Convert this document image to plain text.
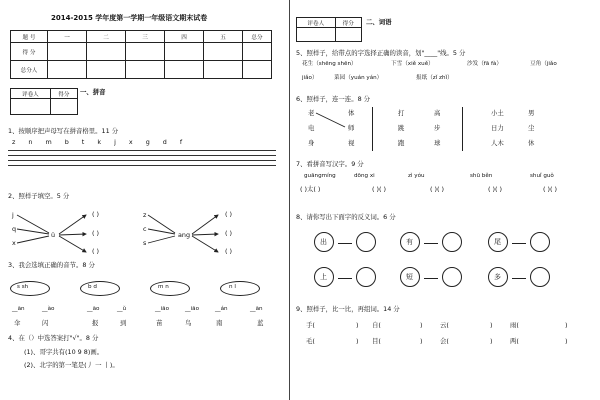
2014-2015 学年度第一学期一年级语文期末试卷
题 号	一	二	三	四	五	总分
得 分						
总分人						
评卷人	得分
	一、拼音
1、按顺序把声母写在拼音格里。11 分
z n m b t k j x g d f
2、照样子填空。5 分
j
q
x
ü
( )
( )
( )
z
c
s
ang
( )
( )
( )
3、我会选填正确的音节。8 分
s sh	b d	m n	n l
__ăn	__ào	__ăo	__ŭ	__ião	__ião	__án	__ăn
伞	闪	报	到	苗	鸟	南	蓝
4、在（）中选答案打"√"。8 分
(1)、哥字共有(10 9 8)画。
(2)、北字的第一笔是(丿 一 丨)。
评卷人	得分
	二、词语
5、照样子，给带点的字选择正确的读音，划"____"线。5 分
花生（shēng shēn）	下雪（xiě xuě）	沙发（fā fà）	豆角（jiǎo
jiǎo）	菜园（yuán yán）	报纸（zǐ zhǐ）
6、照样子，连一连。8 分
老
电
身
体
师
视
打
跳
跑
高
步
球
小土
日力
人木
男
尘
休
7、看拼音写汉字。9 分
guāngmíng	dōng xi	zì yóu	shū běn	shuǐ guǒ
( )太( )	( )( )	( )( )	( )( )	( )( )
8、请你写出下面字的反义词。6 分
出	有	尾
上	短	多
9、照样子，比一比，再组词。14 分
手(	) 自(	)	云(	)	雨(	)
毛(	) 目(	)	会(	)	两(	)
